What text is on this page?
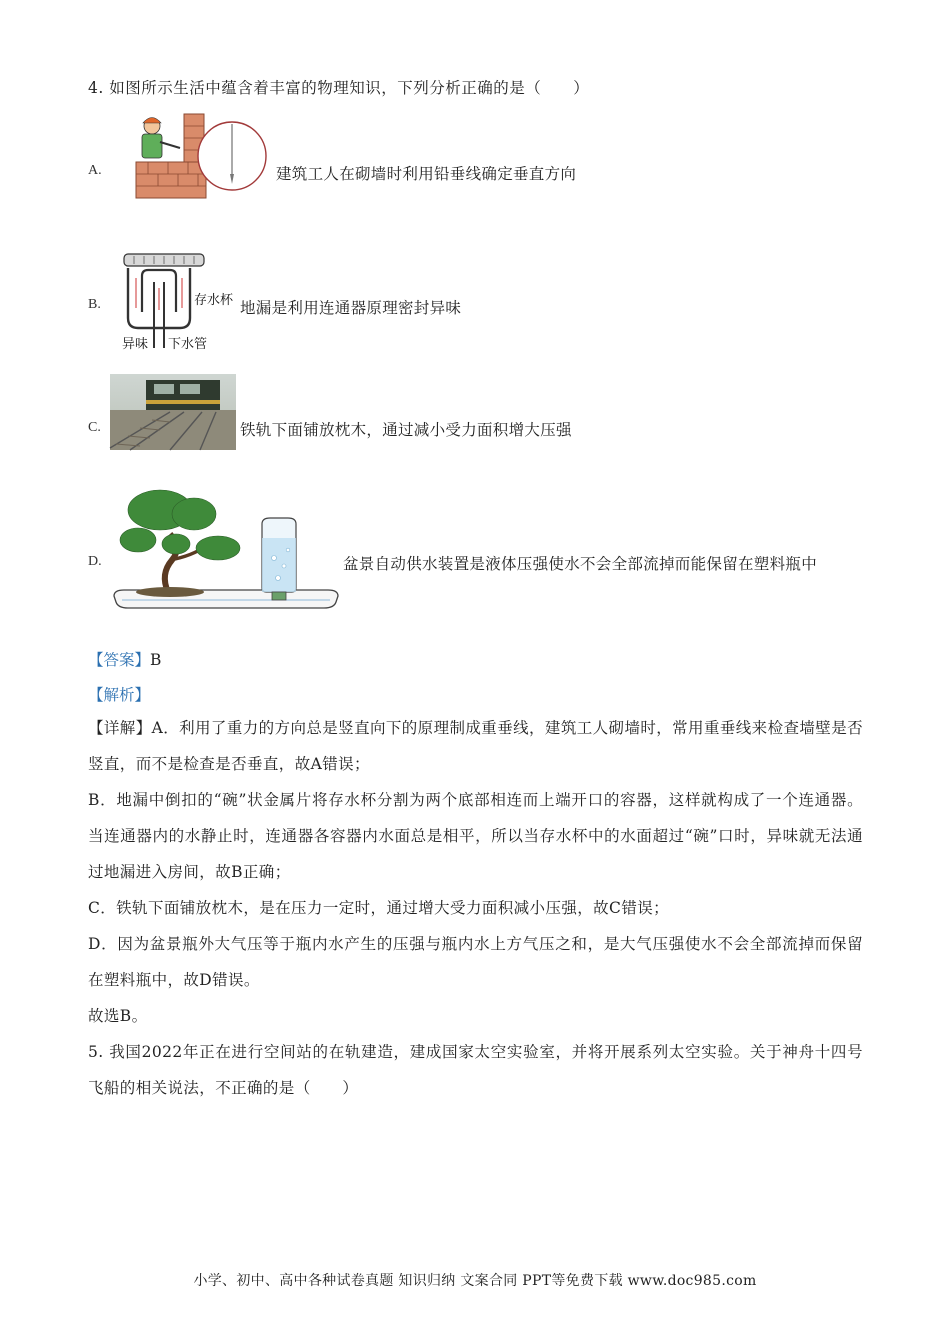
4. 如图所示生活中蕴含着丰富的物理知识，下列分析正确的是（　　）
A.	建筑工人在砌墙时利用铅垂线确定垂直方向
B.	存水杯
异味 下水管
地漏是利用连通器原理密封异味
C.	铁轨下面铺放枕木，通过减小受力面积增大压强
D.	盆景自动供水装置是液体压强使水不会全部流掉而能保留在塑料瓶中
【答案】B
【解析】
【详解】A．利用了重力的方向总是竖直向下的原理制成重垂线，建筑工人砌墙时，常用重垂线来检查墙壁是否竖直，而不是检查是否垂直，故A错误；
B．地漏中倒扣的“碗”状金属片将存水杯分割为两个底部相连而上端开口的容器，这样就构成了一个连通器。当连通器内的水静止时，连通器各容器内水面总是相平，所以当存水杯中的水面超过“碗”口时，异味就无法通过地漏进入房间，故B正确；
C．铁轨下面铺放枕木，是在压力一定时，通过增大受力面积减小压强，故C错误；
D．因为盆景瓶外大气压等于瓶内水产生的压强与瓶内水上方气压之和，是大气压强使水不会全部流掉而保留在塑料瓶中，故D错误。
故选B。
5. 我国2022年正在进行空间站的在轨建造，建成国家太空实验室，并将开展系列太空实验。关于神舟十四号飞船的相关说法，不正确的是（　　）
小学、初中、高中各种试卷真题 知识归纳 文案合同 PPT等免费下载 www.doc985.com
